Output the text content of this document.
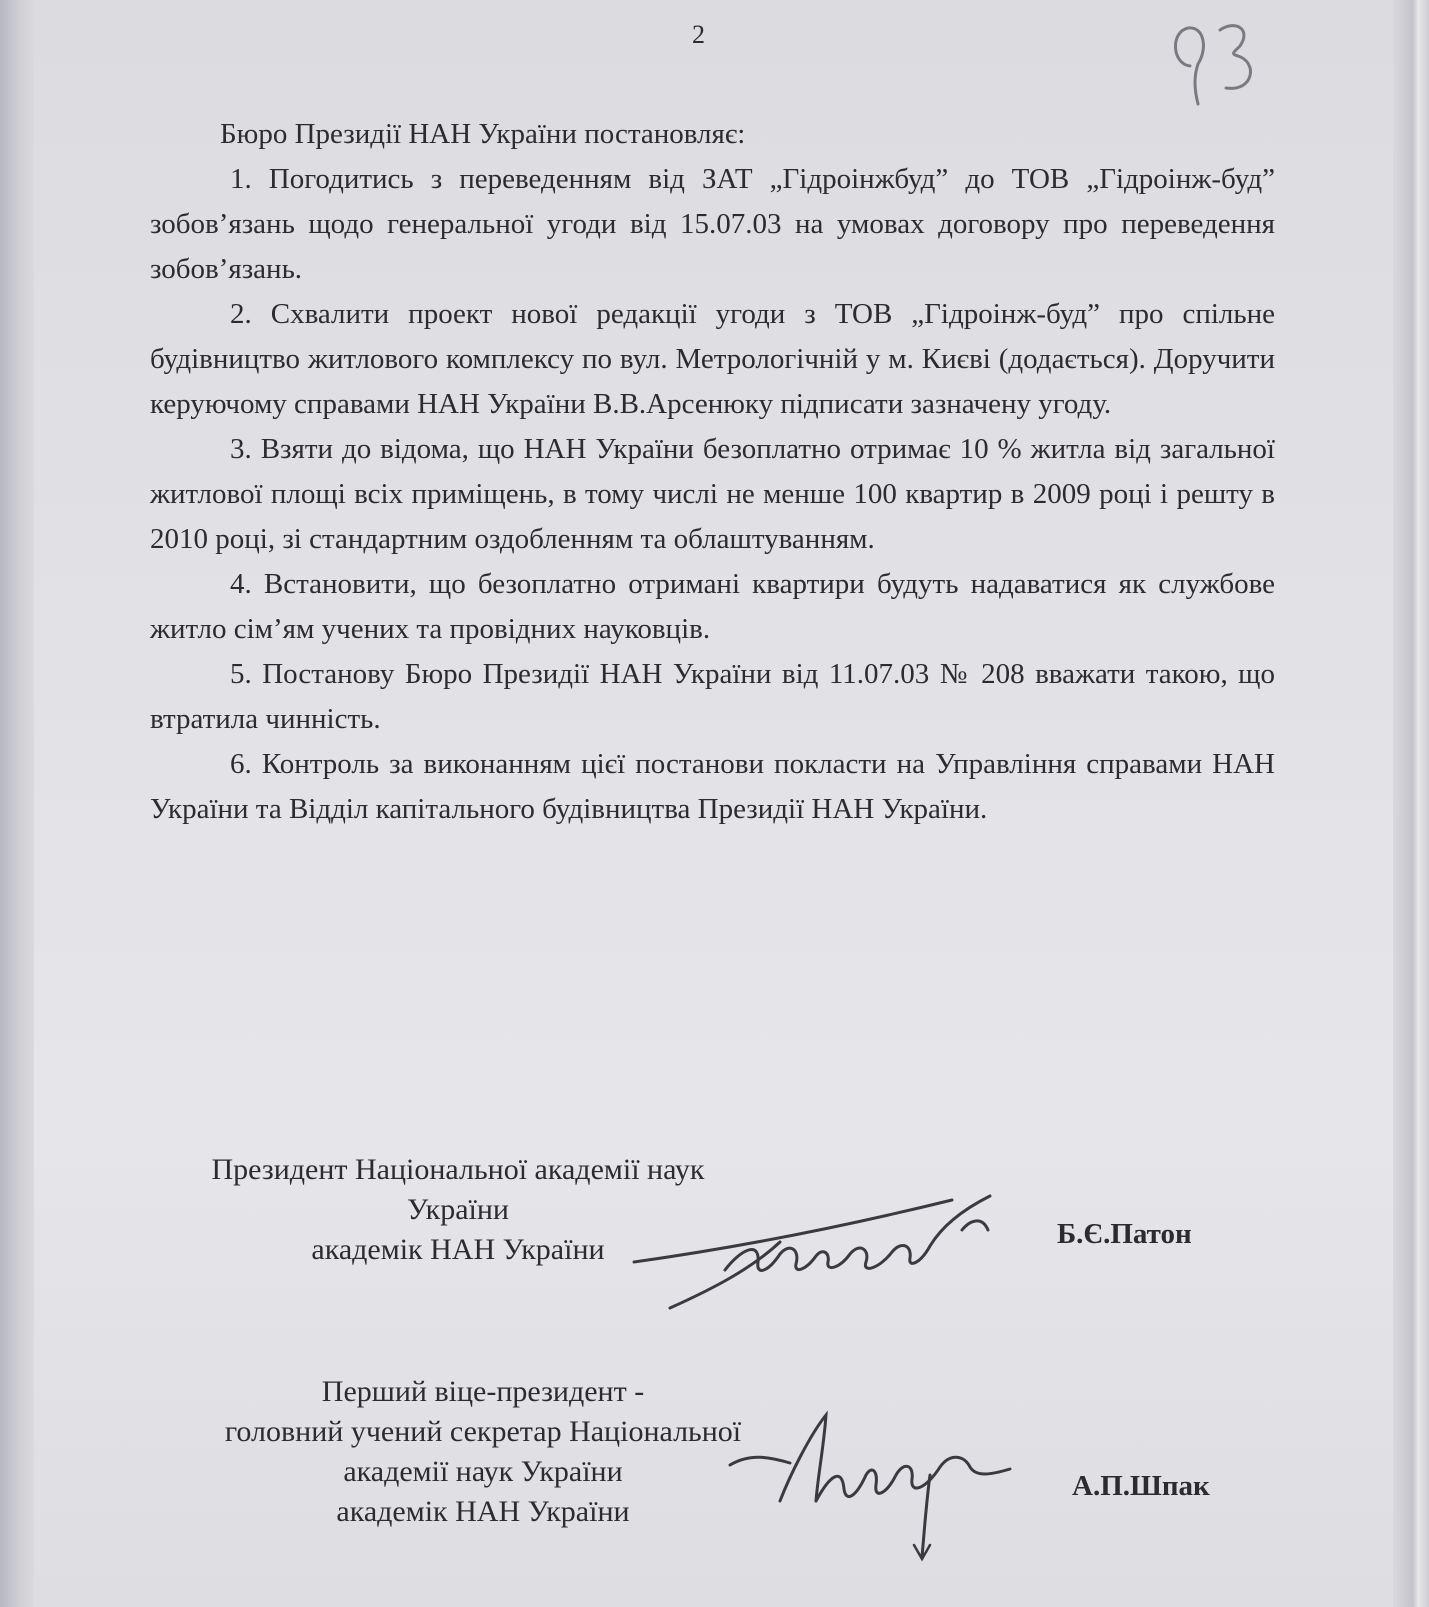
2

Бюро Президії НАН України постановляє:

1. Погодитись з переведенням від ЗАТ „Гідроінжбуд” до ТОВ „Гідроінж-буд” зобов’язань щодо генеральної угоди від 15.07.03 на умовах договору про переведення зобов’язань.

2. Схвалити проект нової редакції угоди з ТОВ „Гідроінж-буд” про спільне будівництво житлового комплексу по вул. Метрологічній у м. Києві (додається). Доручити керуючому справами НАН України В.В.Арсенюку підписати зазначену угоду.

3. Взяти до відома, що НАН України безоплатно отримає 10 % житла від загальної житлової площі всіх приміщень, в тому числі не менше 100 квартир в 2009 році і решту в 2010 році, зі стандартним оздобленням та облаштуванням.

4. Встановити, що безоплатно отримані квартири будуть надаватися як службове житло сім’ям учених та провідних науковців.

5. Постанову Бюро Президії НАН України від 11.07.03 № 208 вважати такою, що втратила чинність.

6. Контроль за виконанням цієї постанови покласти на Управління справами НАН України та Відділ капітального будівництва Президії НАН України.

Президент Національної академії наук
України
академік НАН України	Б.Є.Патон
Перший віце-президент -
головний учений секретар Національної
академії наук України
академік НАН України
А.П.Шпак
